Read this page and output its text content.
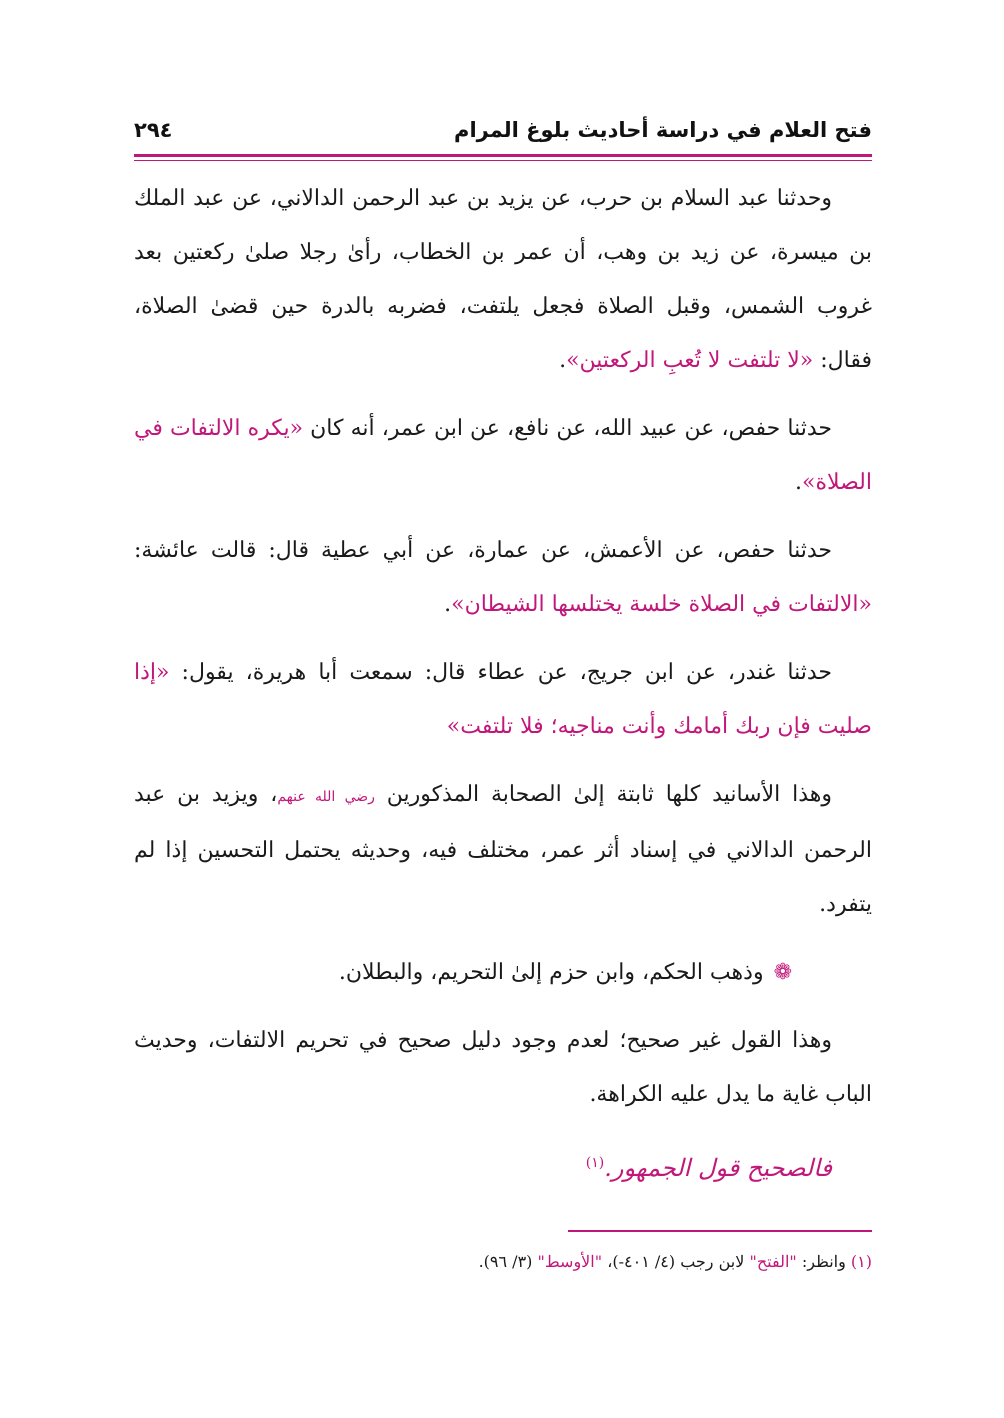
فتح العلام في دراسة أحاديث بلوغ المرام
٢٩٤

وحدثنا عبد السلام بن حرب، عن يزيد بن عبد الرحمن الدالاني، عن عبد الملك بن ميسرة، عن زيد بن وهب، أن عمر بن الخطاب، رأىٰ رجلا صلىٰ ركعتين بعد غروب الشمس، وقبل الصلاة فجعل يلتفت، فضربه بالدرة حين قضىٰ الصلاة، فقال: «لا تلتفت لا تُعبِ الركعتين».

حدثنا حفص، عن عبيد الله، عن نافع، عن ابن عمر، أنه كان «يكره الالتفات في الصلاة».

حدثنا حفص، عن الأعمش، عن عمارة، عن أبي عطية قال: قالت عائشة: «الالتفات في الصلاة خلسة يختلسها الشيطان».

حدثنا غندر، عن ابن جريج، عن عطاء قال: سمعت أبا هريرة، يقول: «إذا صليت فإن ربك أمامك وأنت مناجيه؛ فلا تلتفت»

وهذا الأسانيد كلها ثابتة إلىٰ الصحابة المذكورين رضي الله عنهم، ويزيد بن عبد الرحمن الدالاني في إسناد أثر عمر، مختلف فيه، وحديثه يحتمل التحسين إذا لم يتفرد.

❁وذهب الحكم، وابن حزم إلىٰ التحريم، والبطلان.

وهذا القول غير صحيح؛ لعدم وجود دليل صحيح في تحريم الالتفات، وحديث الباب غاية ما يدل عليه الكراهة.

فالصحيح قول الجمهور.$^{(١)}$

(١) وانظر: "الفتح" لابن رجب (٤/ ٤٠١-)، "الأوسط" (٣/ ٩٦).
